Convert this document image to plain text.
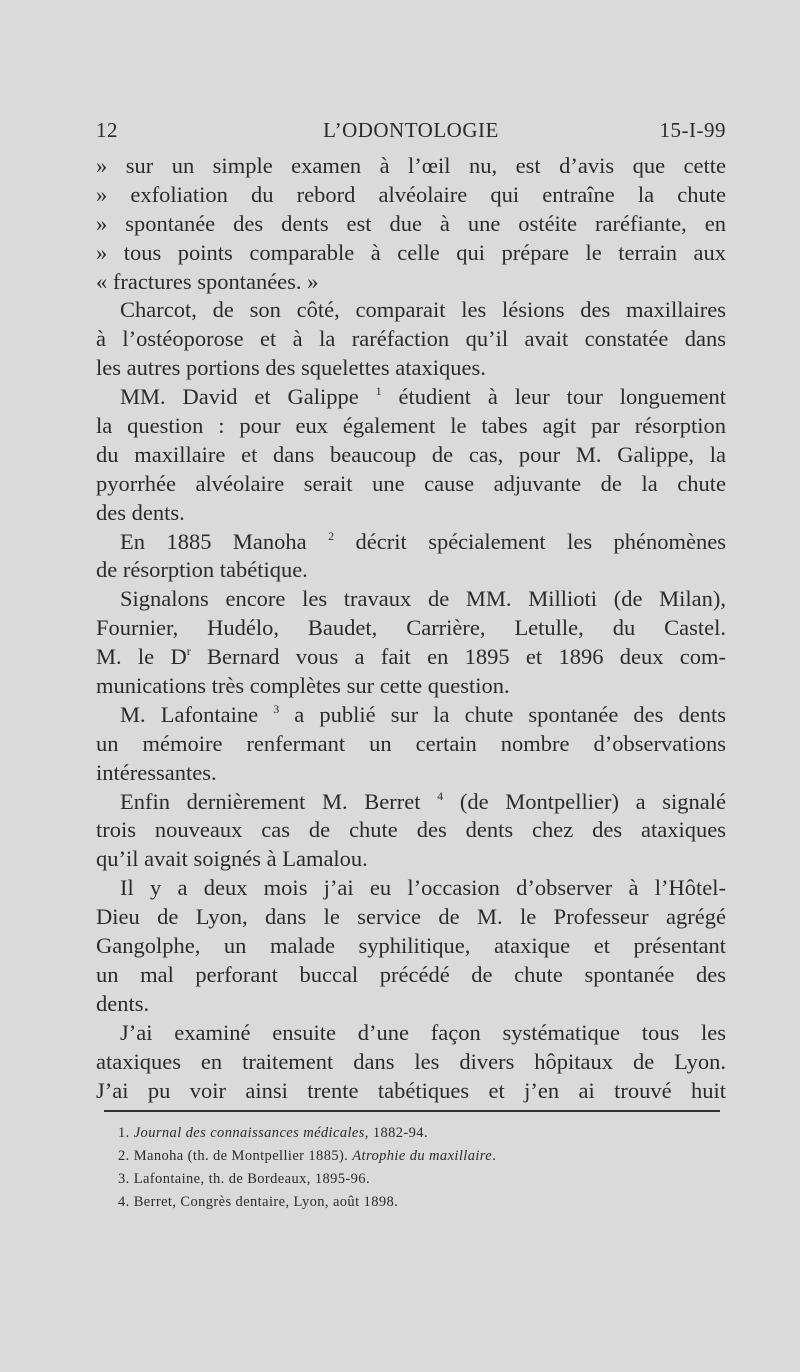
12	L’ODONTOLOGIE	15-I-99
» sur un simple examen à l’œil nu, est d’avis que cette
» exfoliation du rebord alvéolaire qui entraîne la chute
» spontanée des dents est due à une ostéite raréfiante, en
» tous points comparable à celle qui prépare le terrain aux
« fractures spontanées. »
Charcot, de son côté, comparait les lésions des maxillaires
à l’ostéoporose et à la raréfaction qu’il avait constatée dans
les autres portions des squelettes ataxiques.
MM. David et Galippe $^1$ étudient à leur tour longuement
la question : pour eux également le tabes agit par résorption
du maxillaire et dans beaucoup de cas, pour M. Galippe, la
pyorrhée alvéolaire serait une cause adjuvante de la chute
des dents.
En 1885 Manoha $^2$ décrit spécialement les phénomènes
de résorption tabétique.
Signalons encore les travaux de MM. Millioti (de Milan),
Fournier, Hudélo, Baudet, Carrière, Letulle, du Castel.
M. le $D^r$ Bernard vous a fait en 1895 et 1896 deux com-
munications très complètes sur cette question.
M. Lafontaine $^3$ a publié sur la chute spontanée des dents
un mémoire renfermant un certain nombre d’observations
intéressantes.
Enfin dernièrement M. Berret $^4$ (de Montpellier) a signalé
trois nouveaux cas de chute des dents chez des ataxiques
qu’il avait soignés à Lamalou.
Il y a deux mois j’ai eu l’occasion d’observer à l’Hôtel-
Dieu de Lyon, dans le service de M. le Professeur agrégé
Gangolphe, un malade syphilitique, ataxique et présentant
un mal perforant buccal précédé de chute spontanée des
dents.
J’ai examiné ensuite d’une façon systématique tous les
ataxiques en traitement dans les divers hôpitaux de Lyon.
J’ai pu voir ainsi trente tabétiques et j’en ai trouvé huit
1. Journal des connaissances médicales, 1882-94.
2. Manoha (th. de Montpellier 1885). Atrophie du maxillaire.
3. Lafontaine, th. de Bordeaux, 1895-96.
4. Berret, Congrès dentaire, Lyon, août 1898.
